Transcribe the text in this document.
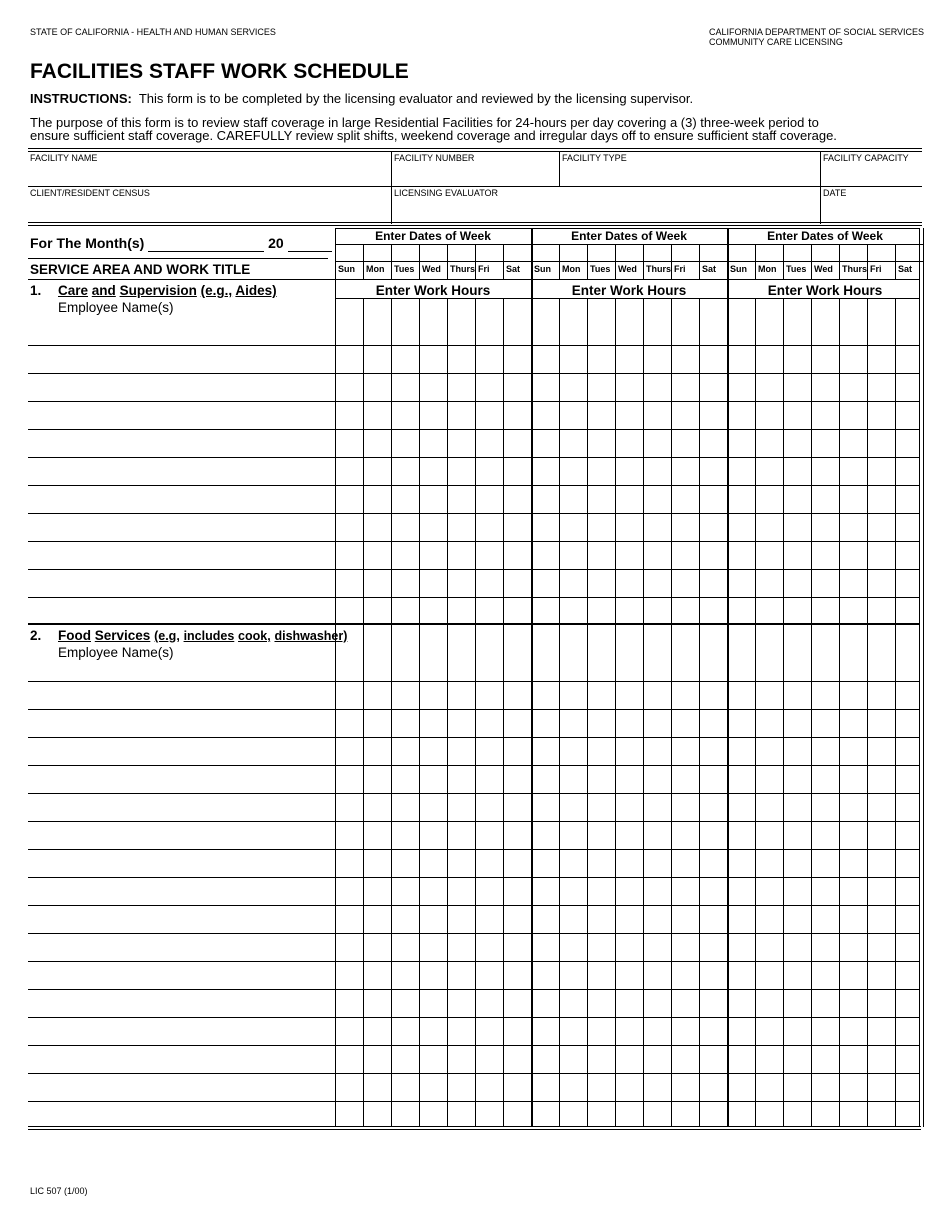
STATE OF CALIFORNIA - HEALTH AND HUMAN SERVICES	CALIFORNIA DEPARTMENT OF SOCIAL SERVICES
COMMUNITY CARE LICENSING
FACILITIES STAFF WORK SCHEDULE
INSTRUCTIONS: This form is to be completed by the licensing evaluator and reviewed by the licensing supervisor.
The purpose of this form is to review staff coverage in large Residential Facilities for 24-hours per day covering a (3) three-week period to
ensure sufficient staff coverage. CAREFULLY review split shifts, weekend coverage and irregular days off to ensure sufficient staff coverage.
FACILITY NAME	FACILITY NUMBER	FACILITY TYPE	FACILITY CAPACITY
CLIENT/RESIDENT CENSUS	LICENSING EVALUATOR	DATE
For The Month(s)	20	Enter Dates of Week	Enter Dates of Week	Enter Dates of Week
SERVICE AREA AND WORK TITLE	Sun Mon Tues Wed Thurs Fri Sat Sun Mon Tues Wed Thurs Fri Sat Sun Mon Tues Wed Thurs Fri Sat
Enter Work Hours	Enter Work Hours	Enter Work Hours
1. Care and Supervision (e.g., Aides)
Employee Name(s)
2. Food Services (e.g, includes cook, dishwasher)
Employee Name(s)
LIC 507 (1/00)
